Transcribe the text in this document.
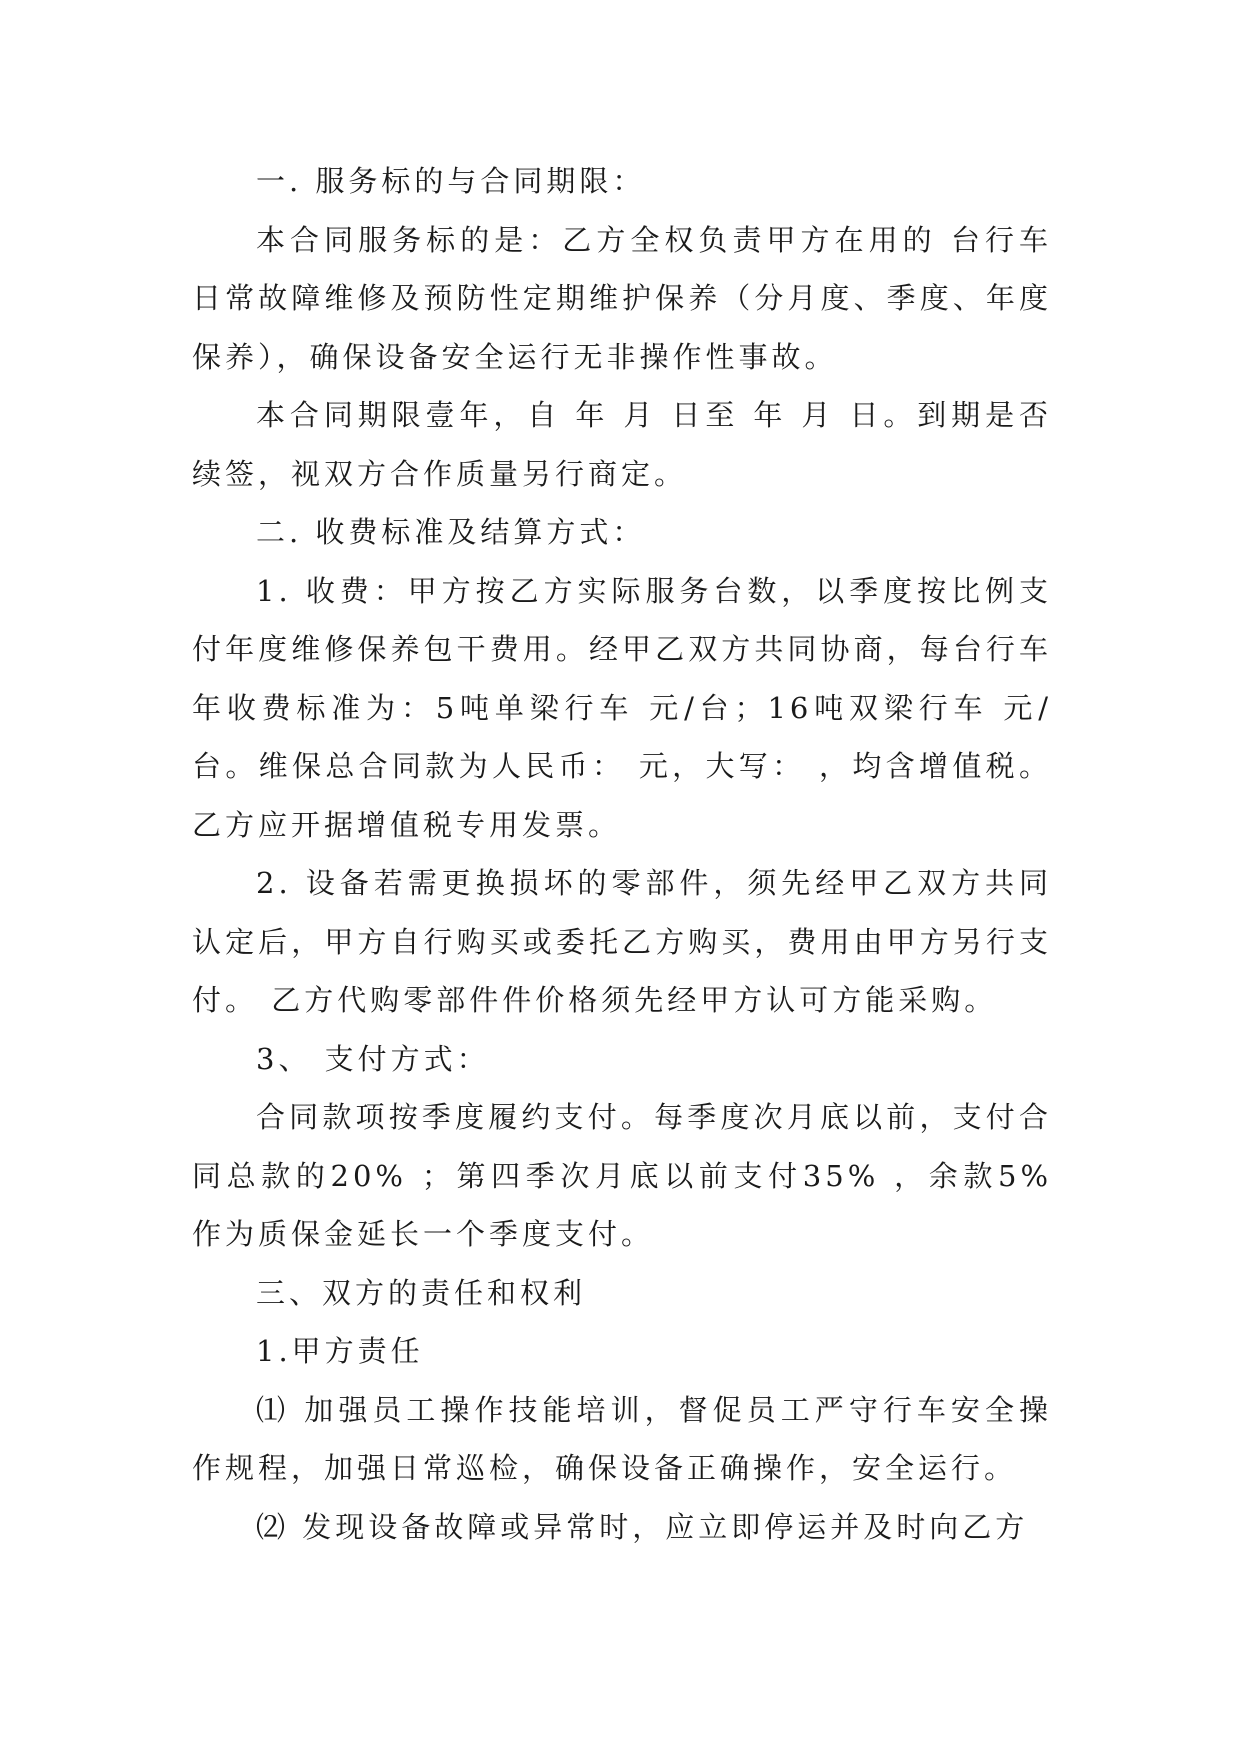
一. 服务标的与合同期限：

本合同服务标的是：乙方全权负责甲方在用的 台行车日常故障维修及预防性定期维护保养（分月度、季度、年度保养），确保设备安全运行无非操作性事故。

本合同期限壹年，自 年 月 日至 年 月 日。到期是否续签，视双方合作质量另行商定。

二. 收费标准及结算方式：

1. 收费：甲方按乙方实际服务台数，以季度按比例支付年度维修保养包干费用。经甲乙双方共同协商，每台行车年收费标准为：5吨单梁行车 元/台；16吨双梁行车 元/台。维保总合同款为人民币： 元，大写： ，均含增值税。乙方应开据增值税专用发票。

2. 设备若需更换损坏的零部件，须先经甲乙双方共同认定后，甲方自行购买或委托乙方购买，费用由甲方另行支付。 乙方代购零部件件价格须先经甲方认可方能采购。

3、 支付方式：

合同款项按季度履约支付。每季度次月底以前，支付合同总款的20% ；第四季次月底以前支付35% ，余款5%作为质保金延长一个季度支付。

三、双方的责任和权利

1.甲方责任

⑴ 加强员工操作技能培训，督促员工严守行车安全操作规程，加强日常巡检，确保设备正确操作，安全运行。

⑵ 发现设备故障或异常时，应立即停运并及时向乙方
